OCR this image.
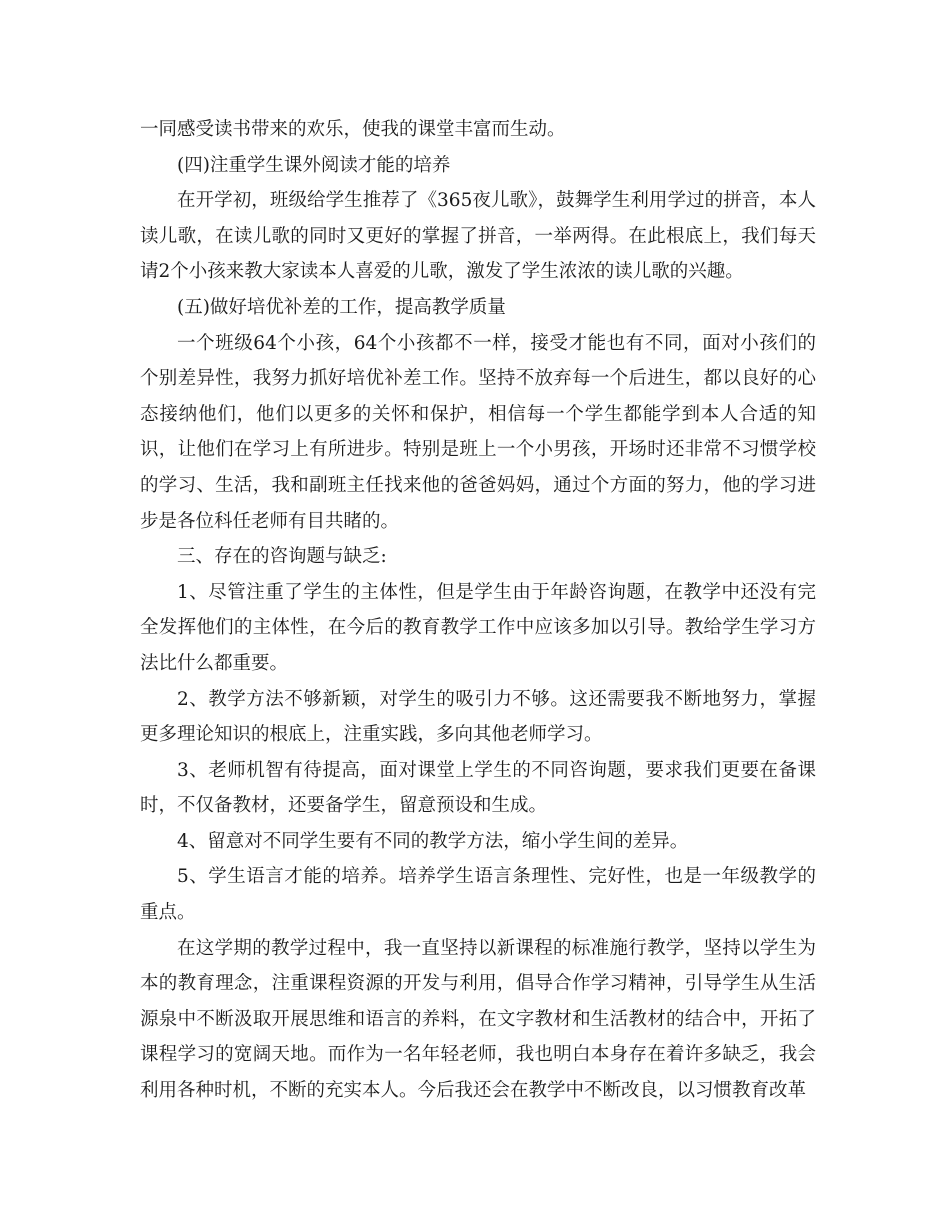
一同感受读书带来的欢乐，使我的课堂丰富而生动。

(四)注重学生课外阅读才能的培养

在开学初，班级给学生推荐了《365夜儿歌》，鼓舞学生利用学过的拼音，本人读儿歌，在读儿歌的同时又更好的掌握了拼音，一举两得。在此根底上，我们每天请2个小孩来教大家读本人喜爱的儿歌，激发了学生浓浓的读儿歌的兴趣。

(五)做好培优补差的工作，提高教学质量

一个班级64个小孩，64个小孩都不一样，接受才能也有不同，面对小孩们的个别差异性，我努力抓好培优补差工作。坚持不放弃每一个后进生，都以良好的心态接纳他们，他们以更多的关怀和保护，相信每一个学生都能学到本人合适的知识，让他们在学习上有所进步。特别是班上一个小男孩，开场时还非常不习惯学校的学习、生活，我和副班主任找来他的爸爸妈妈，通过个方面的努力，他的学习进步是各位科任老师有目共睹的。

三、存在的咨询题与缺乏:

1、尽管注重了学生的主体性，但是学生由于年龄咨询题，在教学中还没有完全发挥他们的主体性，在今后的教育教学工作中应该多加以引导。教给学生学习方法比什么都重要。

2、教学方法不够新颖，对学生的吸引力不够。这还需要我不断地努力，掌握更多理论知识的根底上，注重实践，多向其他老师学习。

3、老师机智有待提高，面对课堂上学生的不同咨询题，要求我们更要在备课时，不仅备教材，还要备学生，留意预设和生成。

4、留意对不同学生要有不同的教学方法，缩小学生间的差异。

5、学生语言才能的培养。培养学生语言条理性、完好性，也是一年级教学的重点。

在这学期的教学过程中，我一直坚持以新课程的标准施行教学，坚持以学生为本的教育理念，注重课程资源的开发与利用，倡导合作学习精神，引导学生从生活源泉中不断汲取开展思维和语言的养料，在文字教材和生活教材的结合中，开拓了课程学习的宽阔天地。而作为一名年轻老师，我也明白本身存在着许多缺乏，我会利用各种时机，不断的充实本人。今后我还会在教学中不断改良，以习惯教育改革
